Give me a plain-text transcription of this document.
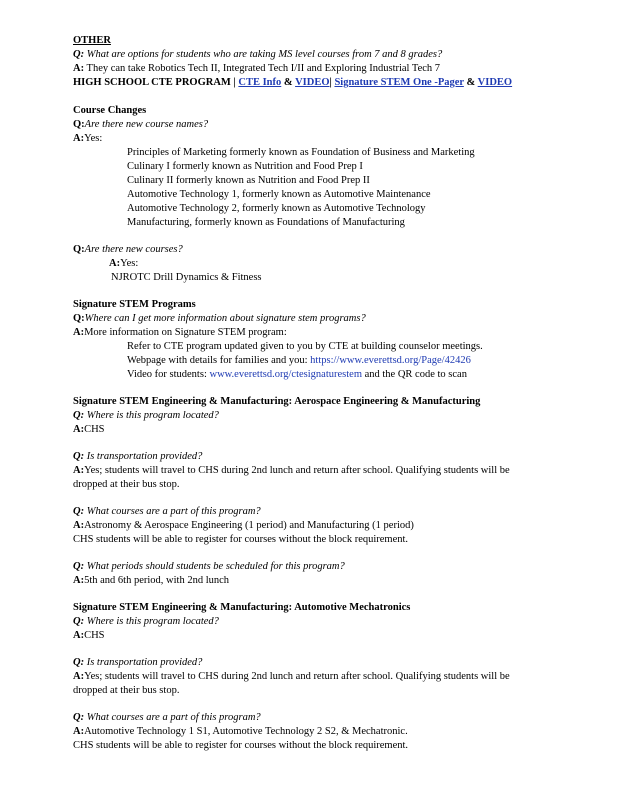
OTHER

Q: What are options for students who are taking MS level courses from 7 and 8 grades?

A: They can take Robotics Tech II, Integrated Tech I/II and Exploring Industrial Tech 7

HIGH SCHOOL CTE PROGRAM | CTE Info & VIDEO| Signature STEM One -Pager & VIDEO

Course Changes

Q:Are there new course names?

A:Yes:

Principles of Marketing formerly known as Foundation of Business and Marketing

Culinary I formerly known as Nutrition and Food Prep I

Culinary II formerly known as Nutrition and Food Prep II

Automotive Technology 1, formerly known as Automotive Maintenance

Automotive Technology 2, formerly known as Automotive Technology

Manufacturing, formerly known as Foundations of Manufacturing

Q:Are there new courses?

A:Yes:

NJROTC Drill Dynamics & Fitness

Signature STEM Programs

Q:Where can I get more information about signature stem programs?

A:More information on Signature STEM program:

Refer to CTE program updated given to you by CTE at building counselor meetings.

Webpage with details for families and you: https://www.everettsd.org/Page/42426

Video for students: www.everettsd.org/ctesignaturestem and the QR code to scan

Signature STEM Engineering & Manufacturing: Aerospace Engineering & Manufacturing

Q: Where is this program located?

A:CHS

Q: Is transportation provided?

A:Yes; students will travel to CHS during 2nd lunch and return after school. Qualifying students will be dropped at their bus stop.

Q: What courses are a part of this program?

A:Astronomy & Aerospace Engineering (1 period) and Manufacturing (1 period)

CHS students will be able to register for courses without the block requirement.

Q: What periods should students be scheduled for this program?

A:5th and 6th period, with 2nd lunch

Signature STEM Engineering & Manufacturing: Automotive Mechatronics

Q: Where is this program located?

A:CHS

Q: Is transportation provided?

A:Yes; students will travel to CHS during 2nd lunch and return after school. Qualifying students will be dropped at their bus stop.

Q: What courses are a part of this program?

A:Automotive Technology 1 S1, Automotive Technology 2 S2, & Mechatronic.

CHS students will be able to register for courses without the block requirement.
